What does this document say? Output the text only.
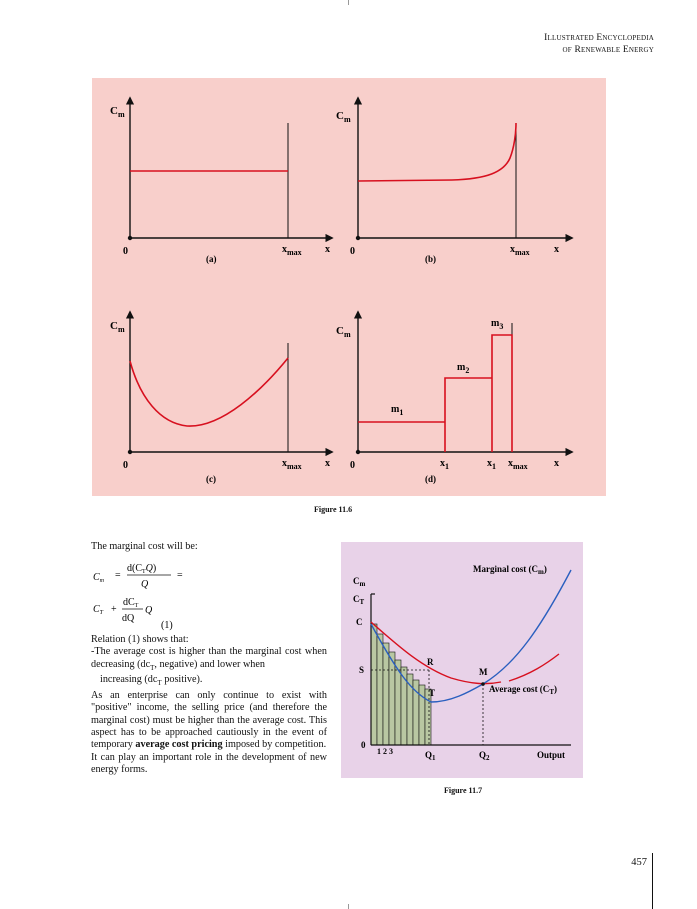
Illustrated Encyclopedia
of Renewable Energy
$C_m$
0	$x_{max}$ x
(a)
$C_m$
0	$x_{max}$ x
(b)
$C_m$
0	$x_{max}$ x
(c)
$C_m$
$m_1$
$m_2$
$m_3$
0	$x_1$	$x_1$ $x_{max}$	x
(d)
Figure 11.6
The marginal cost will be:
$C_m$ =
$d(C_TQ)$
Q
=
$C_T$ +
$dC_T$
dQ
Q
(1)

Relation (1) shows that:

-The average cost is higher than the marginal cost when decreasing ($dc_T$, negative) and lower when

increasing ($dc_T$ positive).

As an enterprise can only continue to exist with "positive" income, the selling price (and therefore the marginal cost) must be higher than the average cost. This aspect has to be approached cautiously in the event of temporary average cost pricing imposed by competition.

It can play an important role in the development of new energy forms.

Marginal cost $(C_m)$
Average cost $(C_T)$
$C_m$
$C_T$
C
S
R
M
T
0
1 2 3	$Q_1$	$Q_2$	Output
Figure 11.7
457
